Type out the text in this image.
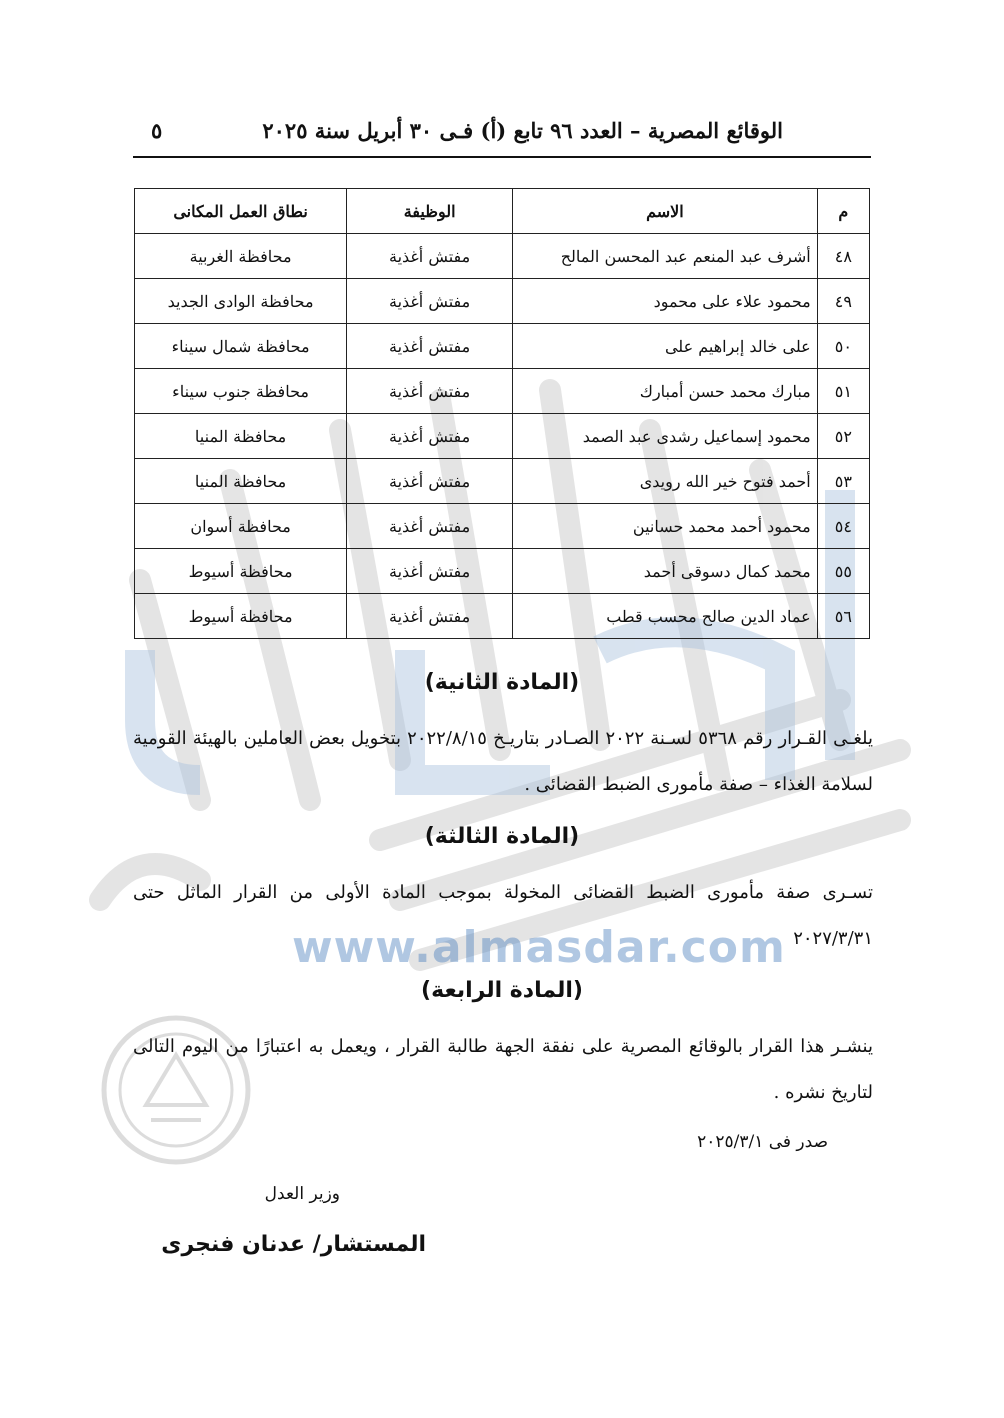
الوقائع المصرية – العدد ٩٦ تابع (أ) فـى ٣٠ أبريل سنة ٢٠٢٥
٥
م	الاسم	الوظيفة	نطاق العمل المكانى
٤٨	أشرف عبد المنعم عبد المحسن المالح	مفتش أغذية	محافظة الغربية
٤٩	محمود علاء على محمود	مفتش أغذية	محافظة الوادى الجديد
٥٠	على خالد إبراهيم على	مفتش أغذية	محافظة شمال سيناء
٥١	مبارك محمد حسن أمبارك	مفتش أغذية	محافظة جنوب سيناء
٥٢	محمود إسماعيل رشدى عبد الصمد	مفتش أغذية	محافظة المنيا
٥٣	أحمد فتوح خير الله رويدى	مفتش أغذية	محافظة المنيا
٥٤	محمود أحمد محمد حسانين	مفتش أغذية	محافظة أسوان
٥٥	محمد كمال دسوقى أحمد	مفتش أغذية	محافظة أسيوط
٥٦	عماد الدين صالح محسب قطب	مفتش أغذية	محافظة أسيوط
(المادة الثانية)
يلغـى القـرار رقم ٥٣٦٨ لسـنة ٢٠٢٢ الصـادر بتاريـخ ٢٠٢٢/٨/١٥ بتخويل بعض العاملين بالهيئة القومية لسلامة الغذاء – صفة مأمورى الضبط القضائى .
(المادة الثالثة)
تسـرى صفة مأمورى الضبط القضائى المخولة بموجب المادة الأولى من القرار الماثل حتى ٢٠٢٧/٣/٣١
www.almasdar.com
(المادة الرابعة)
ينشـر هذا القرار بالوقائع المصرية على نفقة الجهة طالبة القرار ، ويعمل به اعتبارًا من اليوم التالى لتاريخ نشره .
صدر فى ٢٠٢٥/٣/١
وزير العدل
المستشار/ عدنان فنجرى
